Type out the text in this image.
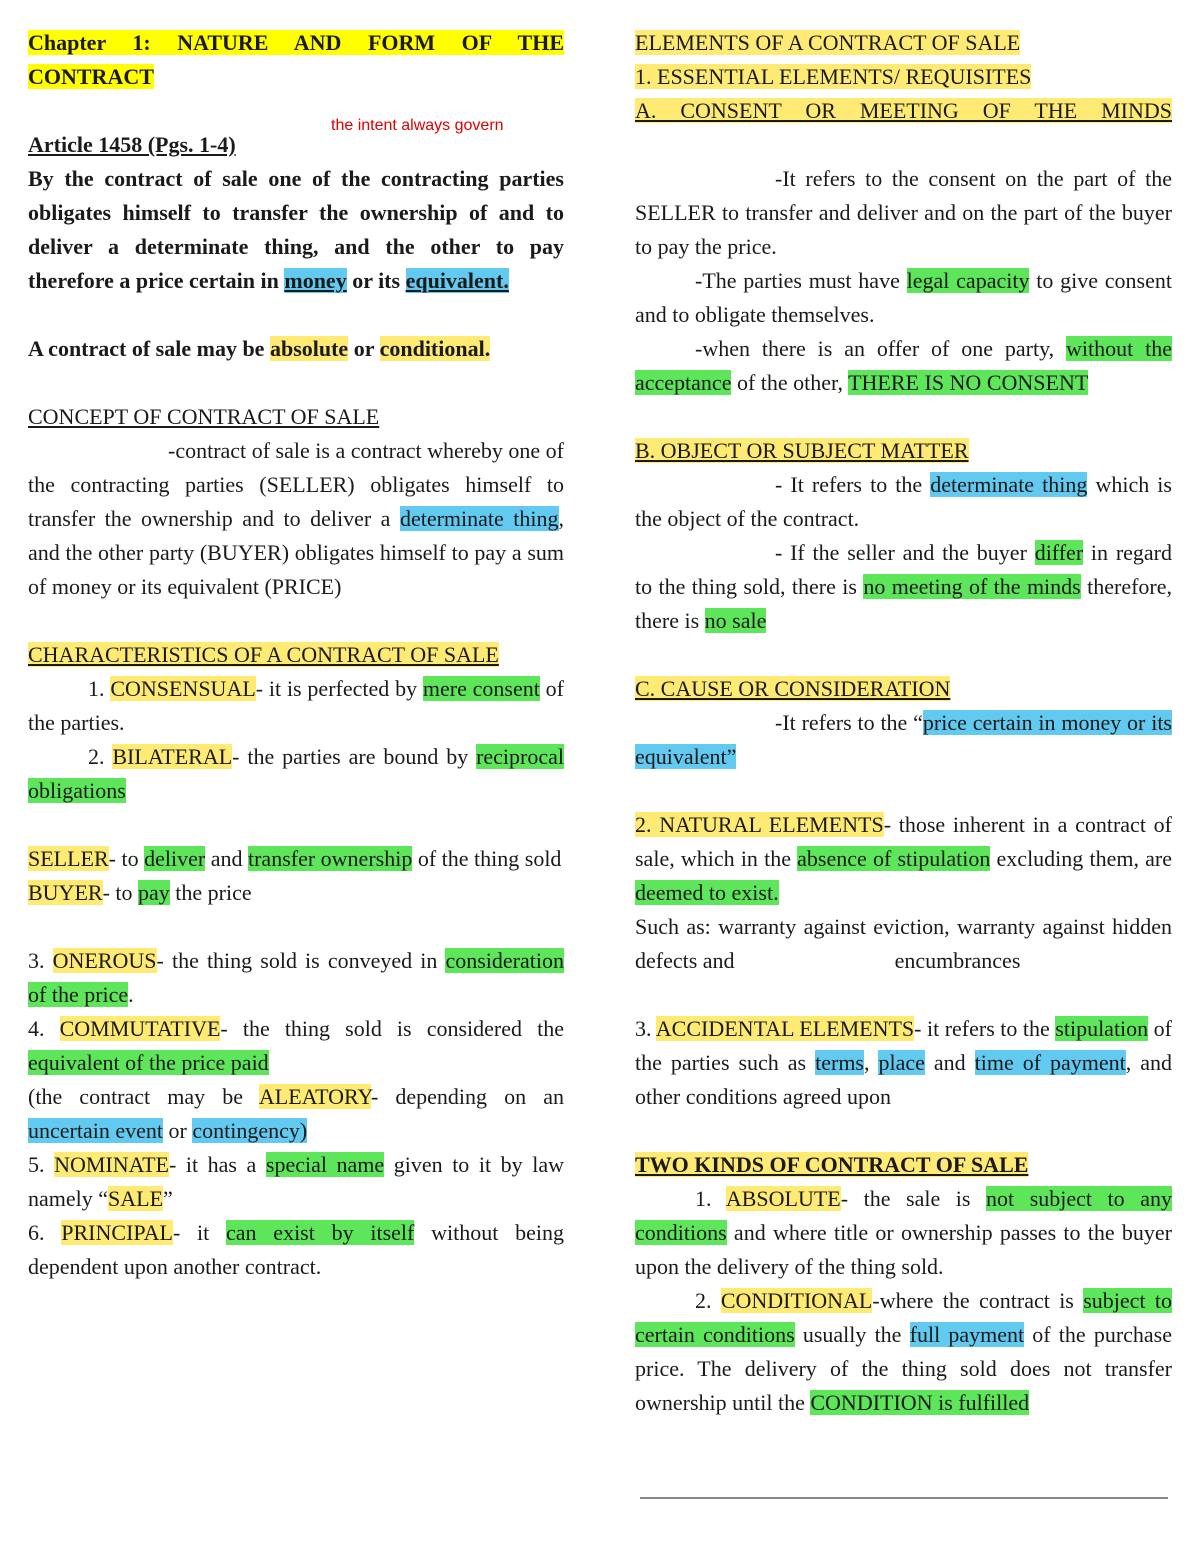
the intent always govern

Chapter 1: NATURE AND FORM OF THE CONTRACT

Article 1458 (Pgs. 1-4)

By the contract of sale one of the contracting parties obligates himself to transfer the ownership of and to deliver a determinate thing, and the other to pay therefore a price certain in money or its equivalent.

A contract of sale may be absolute or conditional.

CONCEPT OF CONTRACT OF SALE

-contract of sale is a contract whereby one of the contracting parties (SELLER) obligates himself to transfer the ownership and to deliver a determinate thing, and the other party (BUYER) obligates himself to pay a sum of money or its equivalent (PRICE)

CHARACTERISTICS OF A CONTRACT OF SALE

1. CONSENSUAL- it is perfected by mere consent of the parties.

2. BILATERAL- the parties are bound by reciprocal obligations

SELLER- to deliver and transfer ownership of the thing sold

BUYER- to pay the price

3. ONEROUS- the thing sold is conveyed in consideration of the price.

4. COMMUTATIVE- the thing sold is considered the equivalent of the price paid

(the contract may be ALEATORY- depending on an uncertain event or contingency)

5. NOMINATE- it has a special name given to it by law namely “SALE”

6. PRINCIPAL- it can exist by itself without being dependent upon another contract.

ELEMENTS OF A CONTRACT OF SALE

1. ESSENTIAL ELEMENTS/ REQUISITES

A. CONSENT OR MEETING OF THE MINDS

-It refers to the consent on the part of the SELLER to transfer and deliver and on the part of the buyer to pay the price.

-The parties must have legal capacity to give consent and to obligate themselves.

-when there is an offer of one party, without the acceptance of the other, THERE IS NO CONSENT

B. OBJECT OR SUBJECT MATTER

- It refers to the determinate thing which is the object of the contract.

- If the seller and the buyer differ in regard to the thing sold, there is no meeting of the minds therefore, there is no sale

C. CAUSE OR CONSIDERATION

-It refers to the “price certain in money or its equivalent”

2. NATURAL ELEMENTS- those inherent in a contract of sale, which in the absence of stipulation excluding them, are deemed to exist.

Such as: warranty against eviction, warranty against hidden defects and	encumbrances

3. ACCIDENTAL ELEMENTS- it refers to the stipulation of the parties such as terms, place and time of payment, and other conditions agreed upon

TWO KINDS OF CONTRACT OF SALE

1. ABSOLUTE- the sale is not subject to any conditions and where title or ownership passes to the buyer upon the delivery of the thing sold.

2. CONDITIONAL-where the contract is subject to certain conditions usually the full payment of the purchase price. The delivery of the thing sold does not transfer ownership until the CONDITION is fulfilled
